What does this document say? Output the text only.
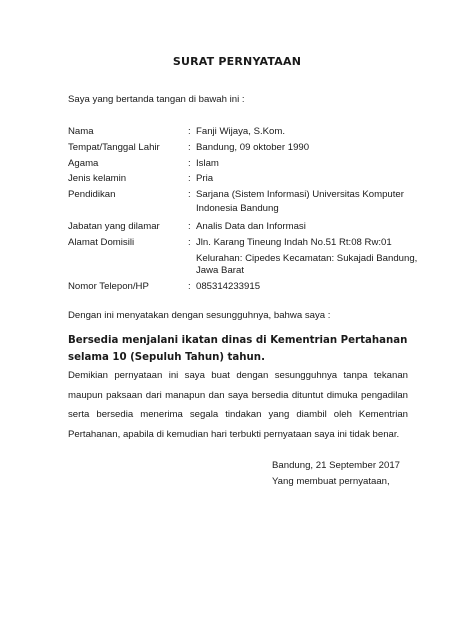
SURAT PERNYATAAN
Saya yang bertanda tangan di bawah ini :
Nama	: Fanji Wijaya, S.Kom.
Tempat/Tanggal Lahir	: Bandung, 09 oktober 1990
Agama	: Islam
Jenis kelamin	: Pria
Pendidikan	: Sarjana (Sistem Informasi) Universitas Komputer
Indonesia Bandung
Jabatan yang dilamar	: Analis Data dan Informasi
Alamat Domisili	: Jln. Karang Tineung Indah No.51 Rt:08 Rw:01
Kelurahan: Cipedes Kecamatan: Sukajadi Bandung,
Jawa Barat
Nomor Telepon/HP	: 085314233915
Dengan ini menyatakan dengan sesungguhnya, bahwa saya :
Bersedia menjalani ikatan dinas di Kementrian Pertahanan selama 10 (Sepuluh Tahun) tahun.
Demikian pernyataan ini saya buat dengan sesungguhnya tanpa tekanan maupun paksaan dari manapun dan saya bersedia dituntut dimuka pengadilan serta bersedia menerima segala tindakan yang diambil oleh Kementrian Pertahanan, apabila di kemudian hari terbukti pernyataan saya ini tidak benar.
Bandung, 21 September 2017
Yang membuat pernyataan,
